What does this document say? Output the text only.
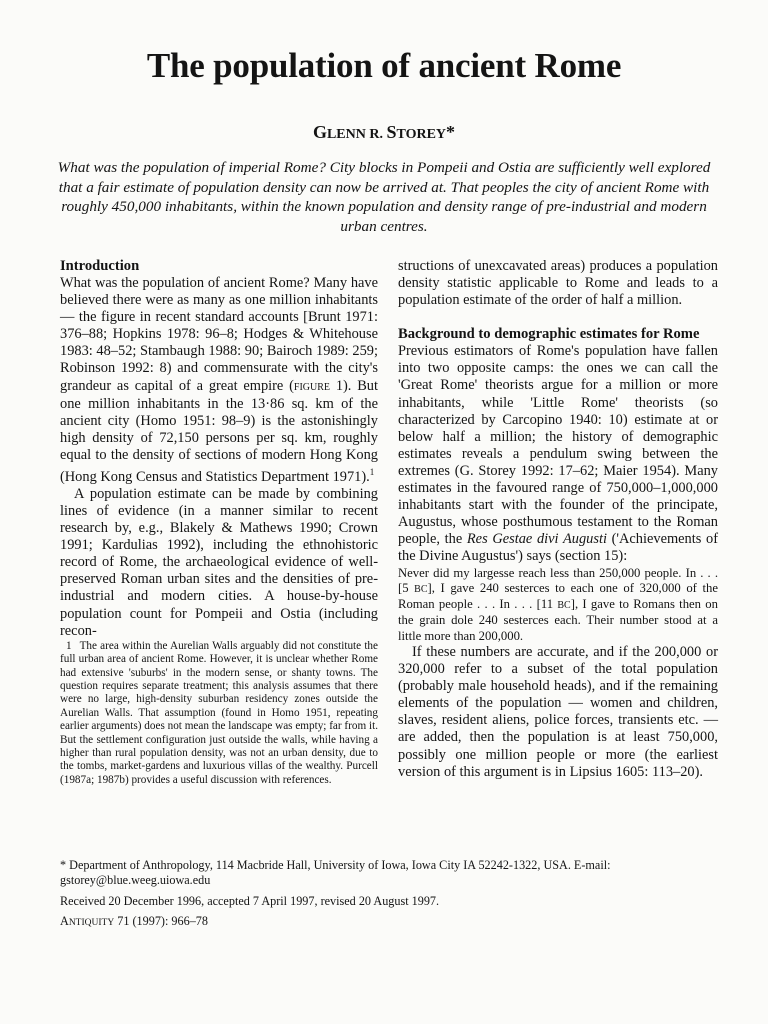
The population of ancient Rome

GLENN R. STOREY*

What was the population of imperial Rome? City blocks in Pompeii and Ostia are sufficiently well explored that a fair estimate of population density can now be arrived at. That peoples the city of ancient Rome with roughly 450,000 inhabitants, within the known population and density range of pre-industrial and modern urban centres.

Introduction

What was the population of ancient Rome? Many have believed there were as many as one million inhabitants — the figure in recent standard accounts [Brunt 1971: 376–88; Hopkins 1978: 96–8; Hodges & Whitehouse 1983: 48–52; Stambaugh 1988: 90; Bairoch 1989: 259; Robinson 1992: 8) and commensurate with the city's grandeur as capital of a great empire (FIGURE 1). But one million inhabitants in the 13·86 sq. km of the ancient city (Homo 1951: 98–9) is the astonishingly high density of 72,150 persons per sq. km, roughly equal to the density of sections of modern Hong Kong (Hong Kong Census and Statistics Department 1971).$^1$

A population estimate can be made by combining lines of evidence (in a manner similar to recent research by, e.g., Blakely & Mathews 1990; Crown 1991; Kardulias 1992), including the ethnohistoric record of Rome, the archaeological evidence of well-preserved Roman urban sites and the densities of pre-industrial and modern cities. A house-by-house population count for Pompeii and Ostia (including recon-

1 The area within the Aurelian Walls arguably did not constitute the full urban area of ancient Rome. However, it is unclear whether Rome had extensive 'suburbs' in the modern sense, or shanty towns. The question requires separate treatment; this analysis assumes that there were no large, high-density suburban residency zones outside the Aurelian Walls. That assumption (found in Homo 1951, repeating earlier arguments) does not mean the landscape was empty; far from it. But the settlement configuration just outside the walls, while having a higher than rural population density, was not an urban density, due to the tombs, market-gardens and luxurious villas of the wealthy. Purcell (1987a; 1987b) provides a useful discussion with references.

structions of unexcavated areas) produces a population density statistic applicable to Rome and leads to a population estimate of the order of half a million.

Background to demographic estimates for Rome

Previous estimators of Rome's population have fallen into two opposite camps: the ones we can call the 'Great Rome' theorists argue for a million or more inhabitants, while 'Little Rome' theorists (so characterized by Carcopino 1940: 10) estimate at or below half a million; the history of demographic estimates reveals a pendulum swing between the extremes (G. Storey 1992: 17–62; Maier 1954). Many estimates in the favoured range of 750,000–1,000,000 inhabitants start with the founder of the principate, Augustus, whose posthumous testament to the Roman people, the Res Gestae divi Augusti ('Achievements of the Divine Augustus') says (section 15):

Never did my largesse reach less than 250,000 people. In . . . [5 BC], I gave 240 sesterces to each one of 320,000 of the Roman people . . . In . . . [11 BC], I gave to Romans then on the grain dole 240 sesterces each. Their number stood at a little more than 200,000.

If these numbers are accurate, and if the 200,000 or 320,000 refer to a subset of the total population (probably male household heads), and if the remaining elements of the population — women and children, slaves, resident aliens, police forces, transients etc. — are added, then the population is at least 750,000, possibly one million people or more (the earliest version of this argument is in Lipsius 1605: 113–20).

* Department of Anthropology, 114 Macbride Hall, University of Iowa, Iowa City IA 52242-1322, USA. E-mail: gstorey@blue.weeg.uiowa.edu

Received 20 December 1996, accepted 7 April 1997, revised 20 August 1997.

ANTIQUITY 71 (1997): 966–78
